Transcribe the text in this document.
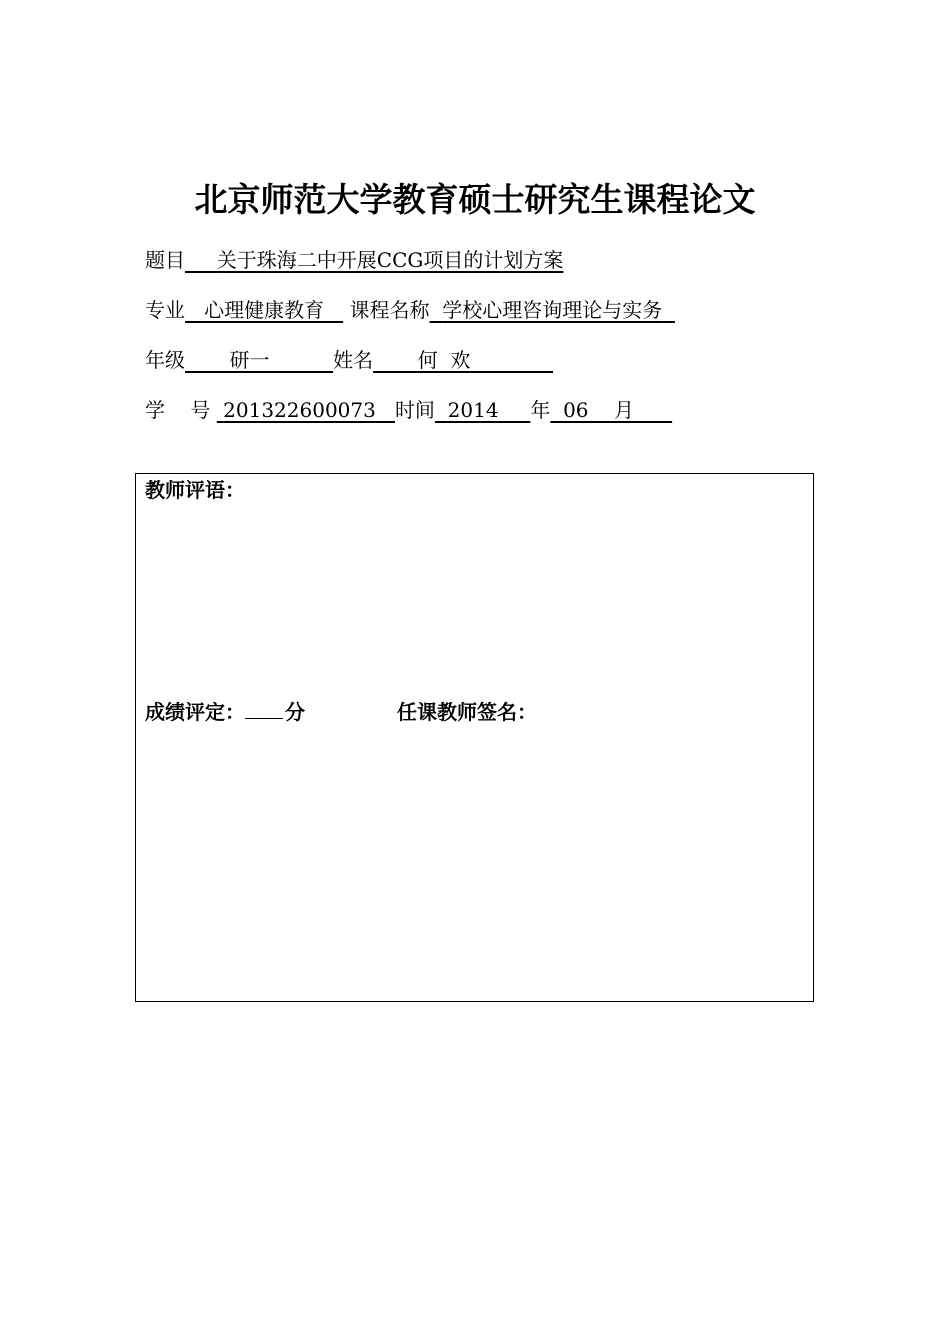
北京师范大学教育硕士研究生课程论文
题目 关于珠海二中开展CCG项目的计划方案
专业 心理健康教育 课程名称 学校心理咨询理论与实务
年级 研一	姓名 何  欢
学    号 201322600073 时间 2014 年 06 月
教师评语：
成绩评定： 分	任课教师签名：
